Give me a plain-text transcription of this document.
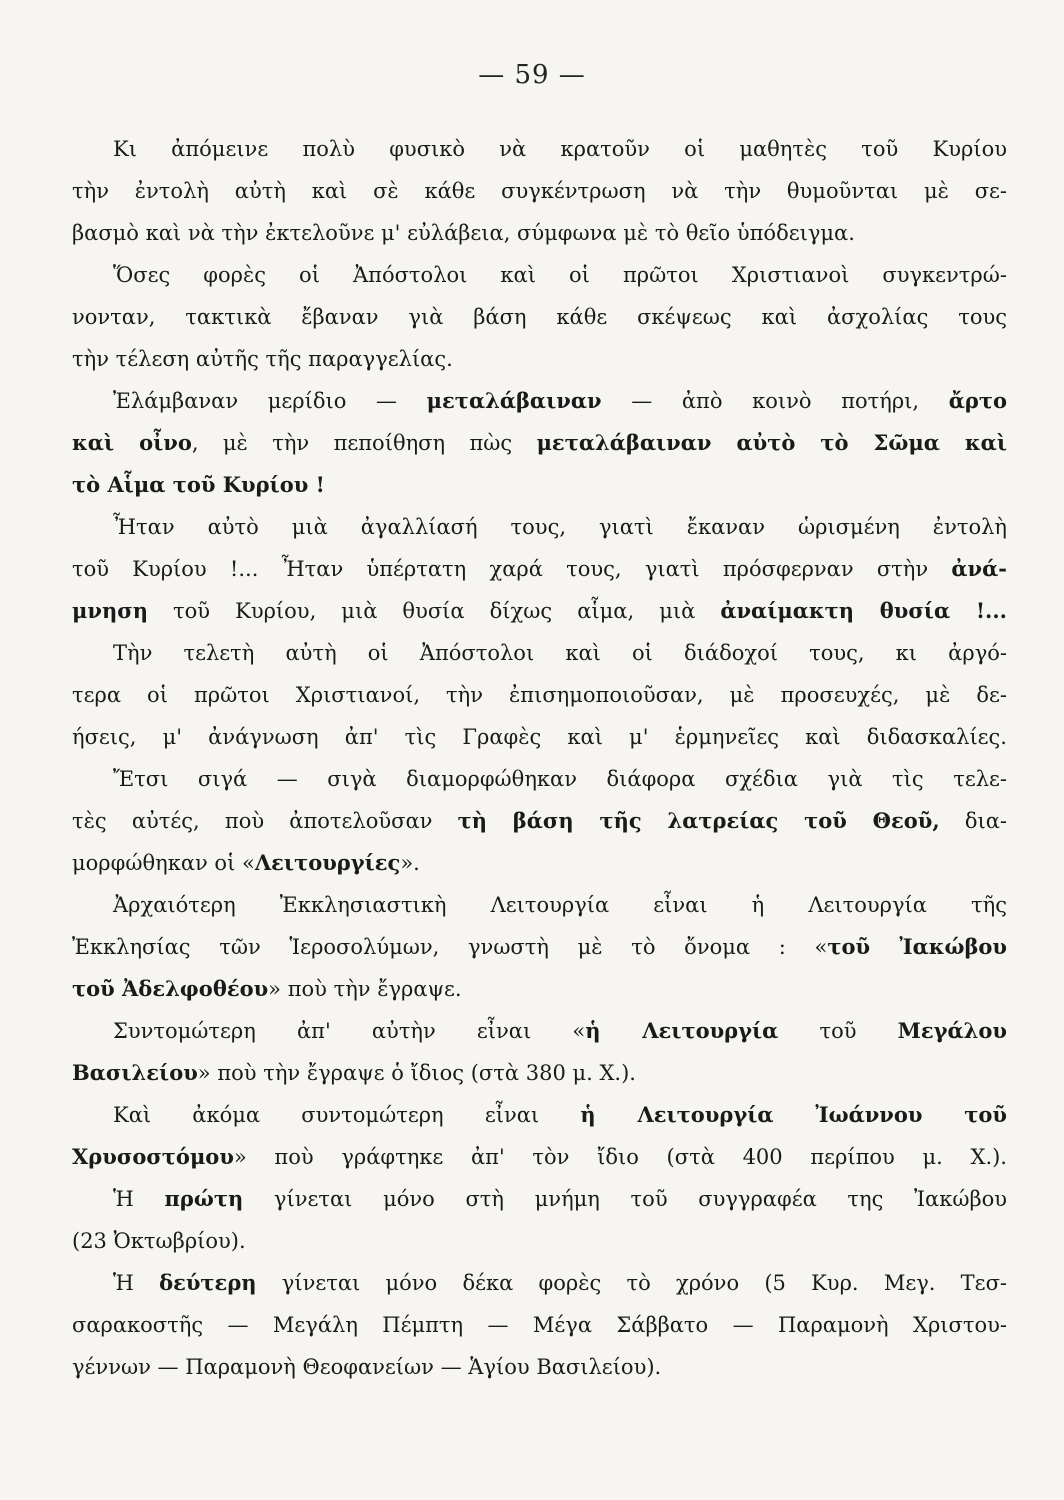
— 59 —
Κι ἀπόμεινε πολὺ φυσικὸ νὰ κρατοῦν οἱ μαθητὲς τοῦ Κυρίου
τὴν ἐντολὴ αὐτὴ καὶ σὲ κάθε συγκέντρωση νὰ τὴν θυμοῦνται μὲ σε-
βασμὸ καὶ νὰ τὴν ἐκτελοῦνε μ' εὐλάβεια, σύμφωνα μὲ τὸ θεῖο ὑπόδειγμα.
Ὅσες φορὲς οἱ Ἀπόστολοι καὶ οἱ πρῶτοι Χριστιανοὶ συγκεντρώ-
νονταν, τακτικὰ ἔβαναν γιὰ βάση κάθε σκέψεως καὶ ἀσχολίας τους
τὴν τέλεση αὐτῆς τῆς παραγγελίας.
Ἐλάμβαναν μερίδιο — μεταλάβαιναν — ἀπὸ κοινὸ ποτήρι, ἄρτο
καὶ οἶνο, μὲ τὴν πεποίθηση πὼς μεταλάβαιναν αὐτὸ τὸ Σῶμα καὶ
τὸ Αἷμα τοῦ Κυρίου !
Ἦταν αὐτὸ μιὰ ἀγαλλίασή τους, γιατὶ ἔκαναν ὡρισμένη ἐντολὴ
τοῦ Κυρίου !... Ἦταν ὑπέρτατη χαρά τους, γιατὶ πρόσφερναν στὴν ἀνά-
μνηση τοῦ Κυρίου, μιὰ θυσία δίχως αἷμα, μιὰ ἀναίμακτη θυσία !...
Τὴν τελετὴ αὐτὴ οἱ Ἀπόστολοι καὶ οἱ διάδοχοί τους, κι ἀργό-
τερα οἱ πρῶτοι Χριστιανοί, τὴν ἐπισημοποιοῦσαν, μὲ προσευχές, μὲ δε-
ήσεις, μ' ἀνάγνωση ἀπ' τὶς Γραφὲς καὶ μ' ἑρμηνεῖες καὶ διδασκαλίες.
Ἔτσι σιγά — σιγὰ διαμορφώθηκαν διάφορα σχέδια γιὰ τὶς τελε-
τὲς αὐτές, ποὺ ἀποτελοῦσαν τὴ βάση τῆς λατρείας τοῦ Θεοῦ, δια-
μορφώθηκαν οἱ «Λειτουργίες».
Ἀρχαιότερη Ἐκκλησιαστικὴ Λειτουργία εἶναι ἡ Λειτουργία τῆς
Ἐκκλησίας τῶν Ἱεροσολύμων, γνωστὴ μὲ τὸ ὄνομα : «τοῦ Ἰακώβου
τοῦ Ἀδελφοθέου» ποὺ τὴν ἔγραψε.
Συντομώτερη ἀπ' αὐτὴν εἶναι «ἡ Λειτουργία τοῦ Μεγάλου
Βασιλείου» ποὺ τὴν ἔγραψε ὁ ἴδιος (στὰ 380 μ. Χ.).
Καὶ ἀκόμα συντομώτερη εἶναι ἡ Λειτουργία Ἰωάννου τοῦ
Χρυσοστόμου» ποὺ γράφτηκε ἀπ' τὸν ἴδιο (στὰ 400 περίπου μ. Χ.).
Ἡ πρώτη γίνεται μόνο στὴ μνήμη τοῦ συγγραφέα της Ἰακώβου
(23 Ὀκτωβρίου).
Ἡ δεύτερη γίνεται μόνο δέκα φορὲς τὸ χρόνο (5 Κυρ. Μεγ. Τεσ-
σαρακοστῆς — Μεγάλη Πέμπτη — Μέγα Σάββατο — Παραμονὴ Χριστου-
γέννων — Παραμονὴ Θεοφανείων — Ἁγίου Βασιλείου).
